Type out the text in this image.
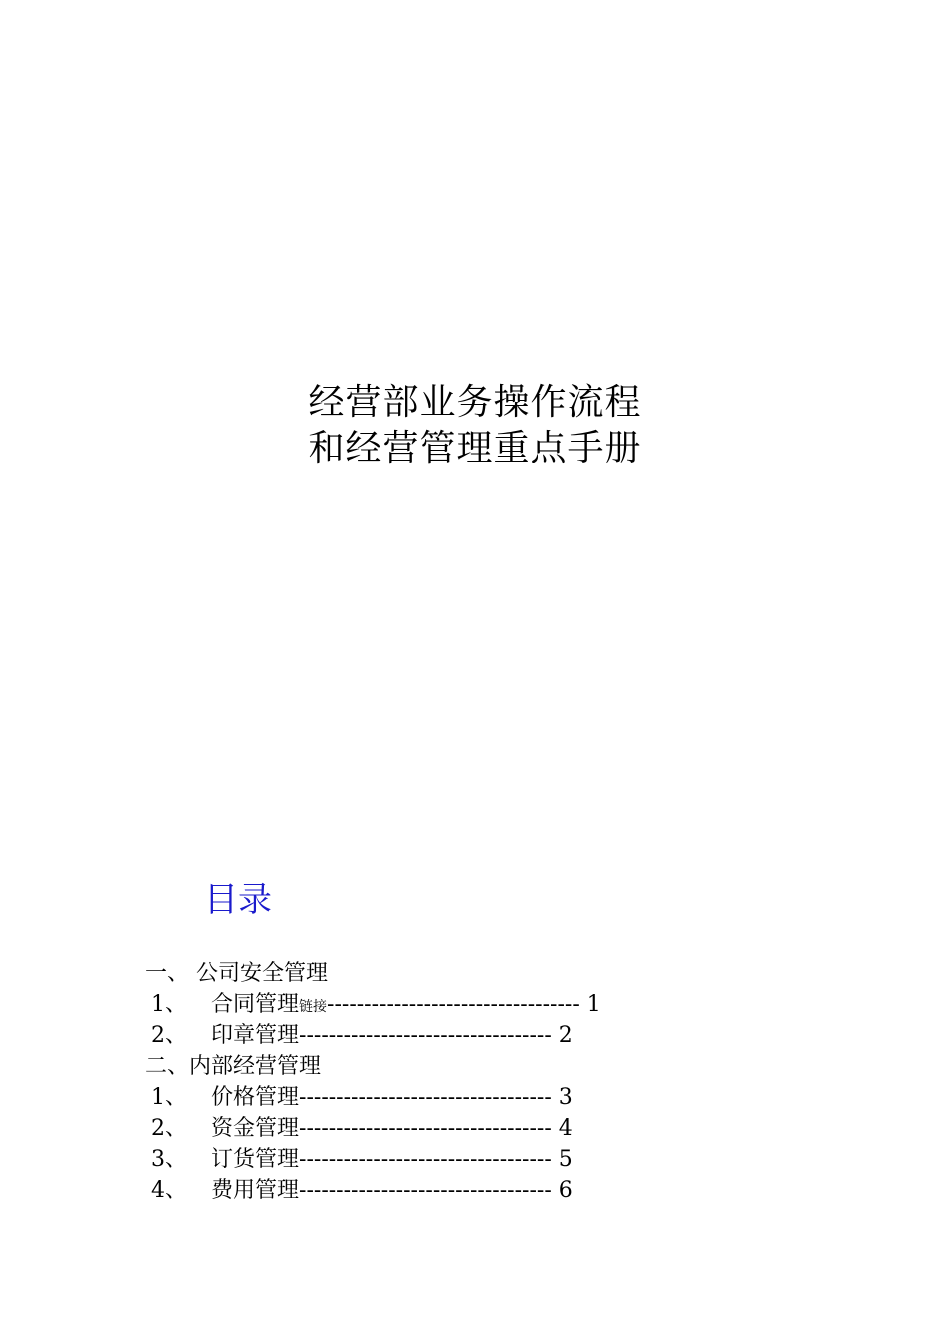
经营部业务操作流程
和经营管理重点手册
目录
一、 公司安全管理
1、 合同管理链接---------------------------------- 1
2、 印章管理---------------------------------- 2
二、内部经营管理
1、 价格管理---------------------------------- 3
2、 资金管理---------------------------------- 4
3、 订货管理---------------------------------- 5
4、 费用管理---------------------------------- 6
